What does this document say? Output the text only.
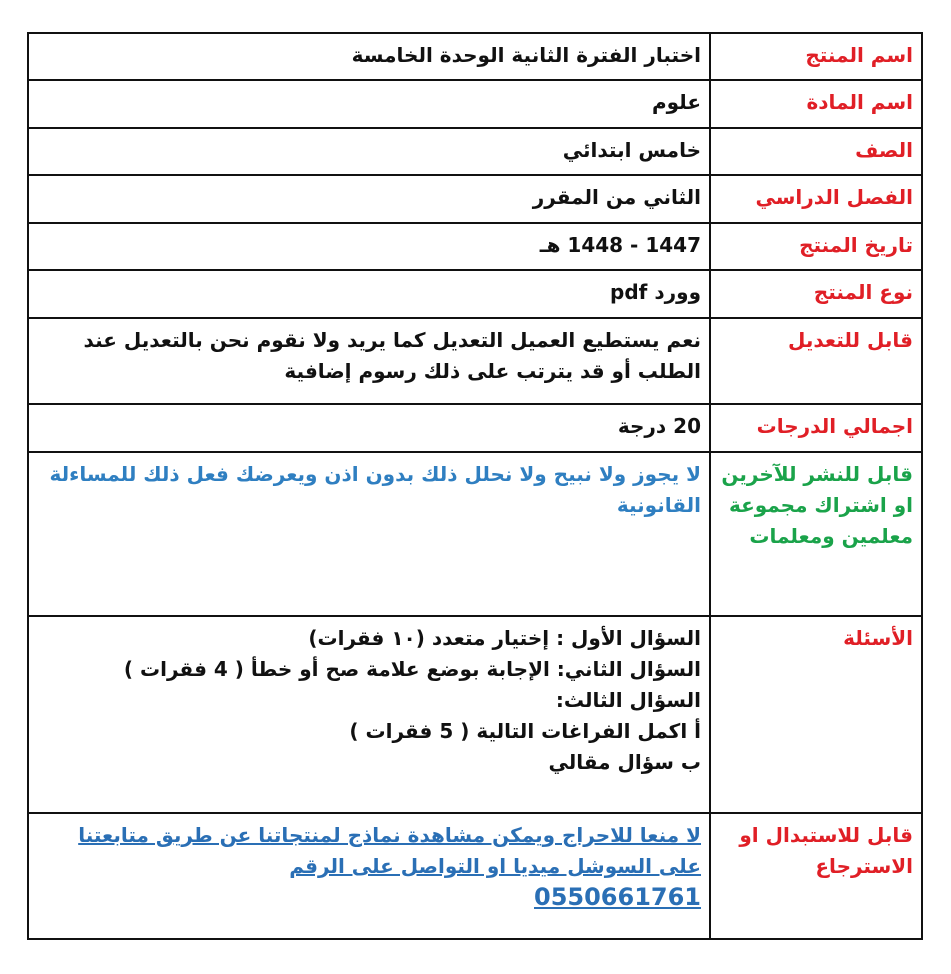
اسم المنتج	اختبار الفترة الثانية الوحدة الخامسة
اسم المادة	علوم
الصف	خامس ابتدائي
الفصل الدراسي	الثاني من المقرر
تاريخ المنتج	1447 - 1448 هـ
نوع المنتج	وورد pdf
قابل للتعديل	نعم يستطيع العميل التعديل كما يريد ولا نقوم نحن بالتعديل عند الطلب أو قد يترتب على ذلك رسوم إضافية
اجمالي الدرجات	20 درجة
قابل للنشر للآخرين او اشتراك مجموعة معلمين ومعلمات	لا يجوز ولا نبيح ولا نحلل ذلك بدون اذن ويعرضك فعل ذلك للمساءلة القانونية
الأسئلة	السؤال الأول : إختيار متعدد (١٠ فقرات)
السؤال الثاني: الإجابة بوضع علامة صح أو خطأ ( 4 فقرات )
السؤال الثالث:
أ اكمل الفراغات التالية ( 5 فقرات )
ب سؤال مقالي

قابل للاستبدال او الاسترجاع	لا منعا للاحراج ويمكن مشاهدة نماذج لمنتجاتنا عن طريق متابعتنا على السوشل ميديا او التواصل على الرقم
0550661761
